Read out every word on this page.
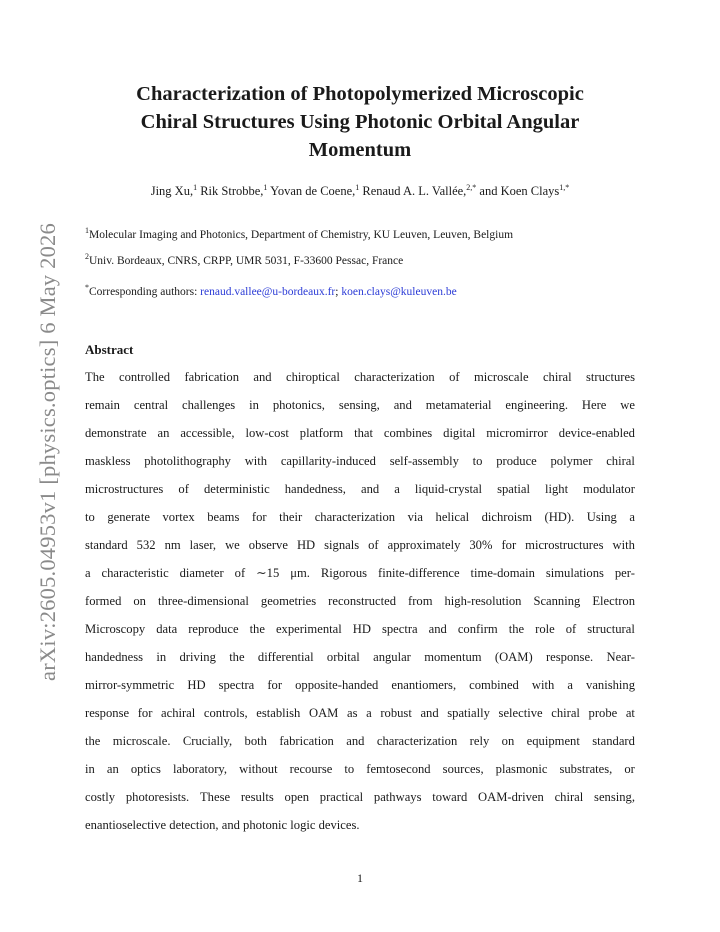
arXiv:2605.04953v1 [physics.optics] 6 May 2026
Characterization of Photopolymerized Microscopic
Chiral Structures Using Photonic Orbital Angular
Momentum
Jing Xu,$^1$ Rik Strobbe,$^1$ Yovan de Coene,$^1$ Renaud A. L. Vallée,$^{2,*}$ and Koen Clays$^{1,*}$
$^1$Molecular Imaging and Photonics, Department of Chemistry, KU Leuven, Leuven, Belgium
$^2$Univ. Bordeaux, CNRS, CRPP, UMR 5031, F-33600 Pessac, France
*Corresponding authors: renaud.vallee@u-bordeaux.fr; koen.clays@kuleuven.be
Abstract
The controlled fabrication and chiroptical characterization of microscale chiral structures
remain central challenges in photonics, sensing, and metamaterial engineering. Here we
demonstrate an accessible, low-cost platform that combines digital micromirror device-enabled
maskless photolithography with capillarity-induced self-assembly to produce polymer chiral
microstructures of deterministic handedness, and a liquid-crystal spatial light modulator
to generate vortex beams for their characterization via helical dichroism (HD). Using a
standard 532 nm laser, we observe HD signals of approximately 30% for microstructures with
a characteristic diameter of ∼15 μm. Rigorous finite-difference time-domain simulations per-
formed on three-dimensional geometries reconstructed from high-resolution Scanning Electron
Microscopy data reproduce the experimental HD spectra and confirm the role of structural
handedness in driving the differential orbital angular momentum (OAM) response. Near-
mirror-symmetric HD spectra for opposite-handed enantiomers, combined with a vanishing
response for achiral controls, establish OAM as a robust and spatially selective chiral probe at
the microscale. Crucially, both fabrication and characterization rely on equipment standard
in an optics laboratory, without recourse to femtosecond sources, plasmonic substrates, or
costly photoresists. These results open practical pathways toward OAM-driven chiral sensing,
enantioselective detection, and photonic logic devices.
1
